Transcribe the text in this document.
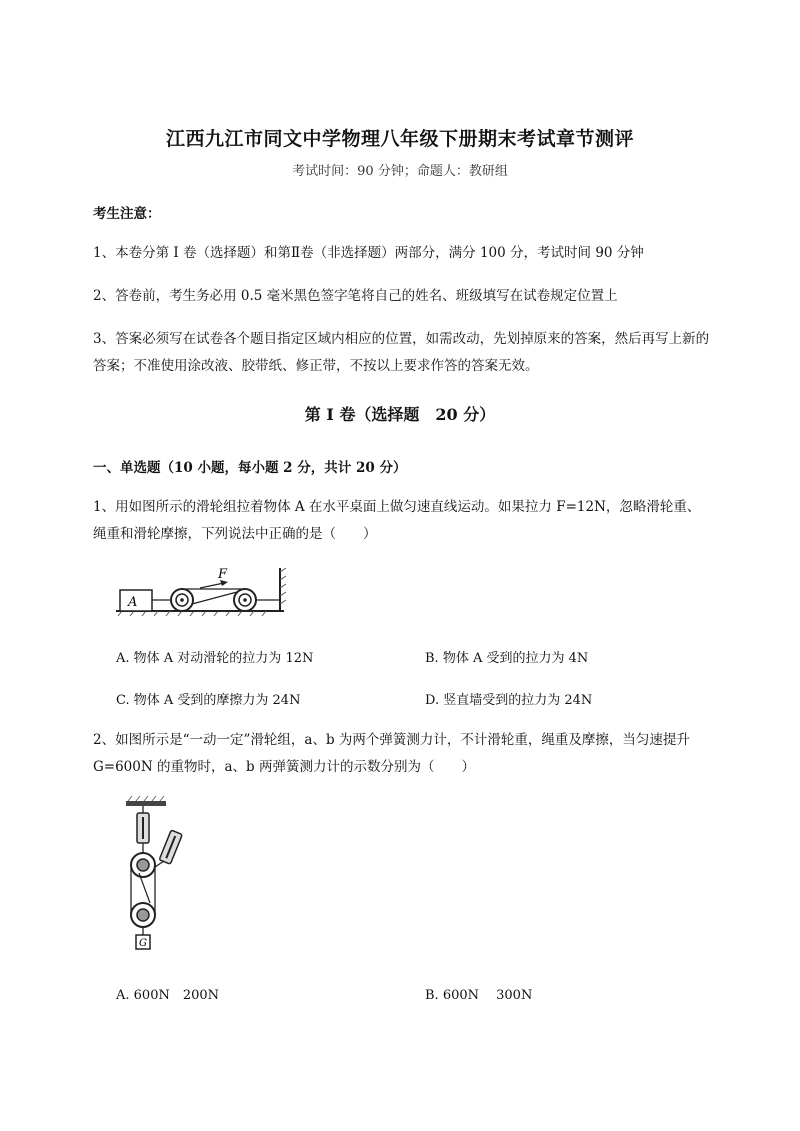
江西九江市同文中学物理八年级下册期末考试章节测评
考试时间：90 分钟；命题人：教研组
考生注意：
1、本卷分第 I 卷（选择题）和第Ⅱ卷（非选择题）两部分，满分 100 分，考试时间 90 分钟
2、答卷前，考生务必用 0.5 毫米黑色签字笔将自己的姓名、班级填写在试卷规定位置上
3、答案必须写在试卷各个题目指定区域内相应的位置，如需改动，先划掉原来的答案，然后再写上新的答案；不准使用涂改液、胶带纸、修正带，不按以上要求作答的答案无效。
第 I 卷（选择题　20 分）
一、单选题（10 小题，每小题 2 分，共计 20 分）
1、用如图所示的滑轮组拉着物体 A 在水平桌面上做匀速直线运动。如果拉力 F=12N，忽略滑轮重、绳重和滑轮摩擦，下列说法中正确的是（　　）
A
F
A. 物体 A 对动滑轮的拉力为 12N	B. 物体 A 受到的拉力为 4N
C. 物体 A 受到的摩擦力为 24N	D. 竖直墙受到的拉力为 24N
2、如图所示是“一动一定”滑轮组，a、b 为两个弹簧测力计，不计滑轮重，绳重及摩擦，当匀速提升 G=600N 的重物时，a、b 两弹簧测力计的示数分别为（　　）
G
A. 600N　200N	B. 600N　 300N
